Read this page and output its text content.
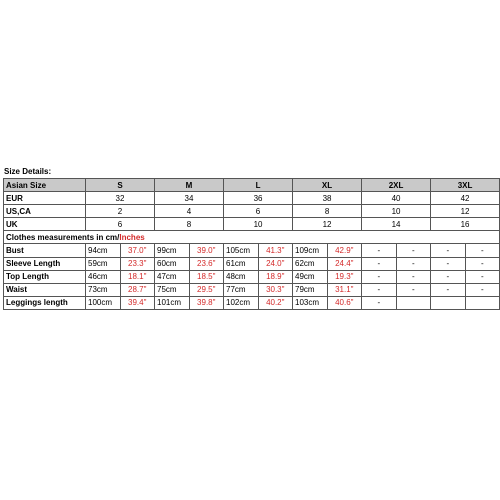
Size Details:
Asian Size	S		M		L		XL		2XL		3XL	
EUR	32		34		36		38		40		42	
US,CA	2		4		6		8		10		12	
UK	6		8		10		12		14		16	
Clothes measurements in cm/Inches												
Bust	94cm	37.0"	99cm	39.0"	105cm	41.3"	109cm	42.9"	-	-	-	-
Sleeve Length	59cm	23.3"	60cm	23.6"	61cm	24.0"	62cm	24.4"	-	-	-	-
Top Length	46cm	18.1"	47cm	18.5"	48cm	18.9"	49cm	19.3"	-	-	-	-
Waist	73cm	28.7"	75cm	29.5"	77cm	30.3"	79cm	31.1"	-	-	-	-
Leggings length	100cm	39.4"	101cm	39.8"	102cm	40.2"	103cm	40.6"	-			
